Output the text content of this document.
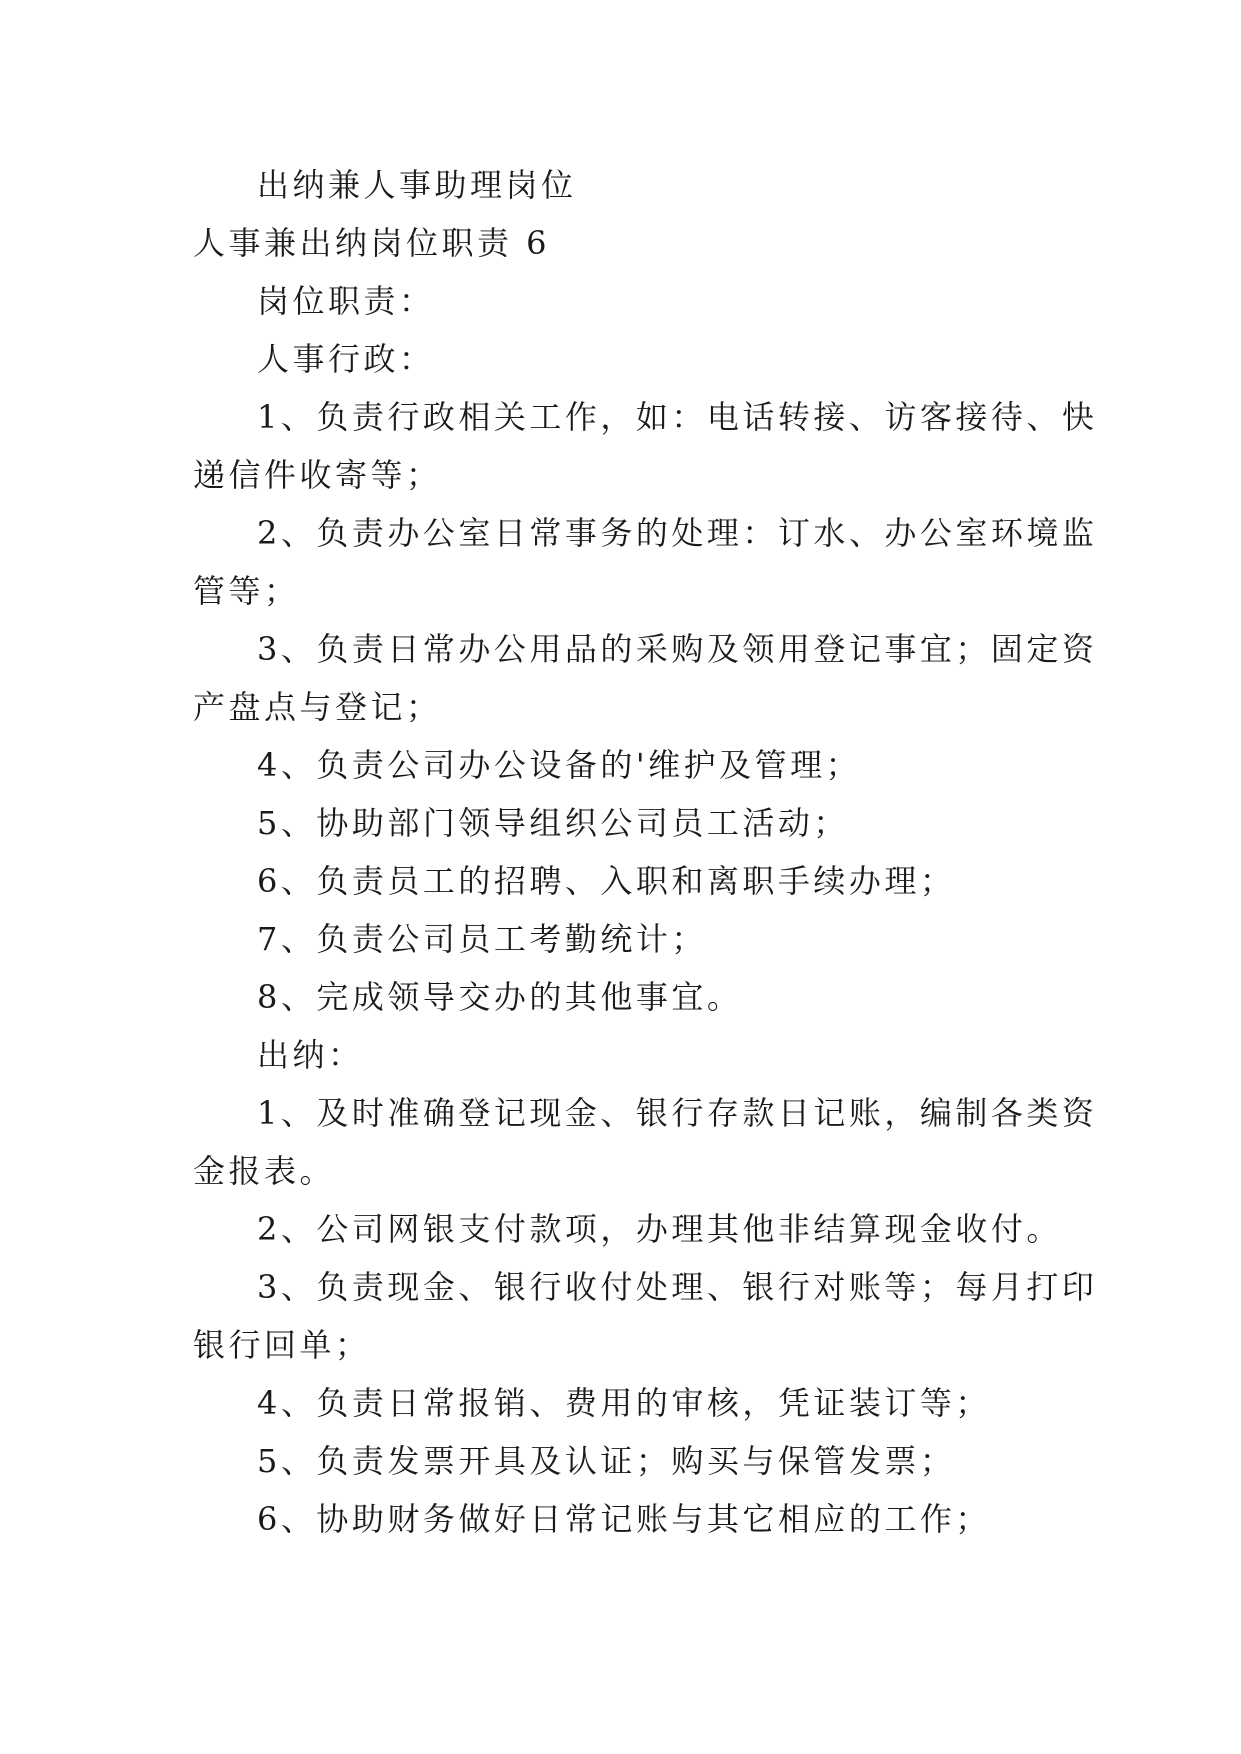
出纳兼人事助理岗位

人事兼出纳岗位职责 6

岗位职责：

人事行政：

1、负责行政相关工作，如：电话转接、访客接待、快

递信件收寄等；

2、负责办公室日常事务的处理：订水、办公室环境监

管等；

3、负责日常办公用品的采购及领用登记事宜；固定资

产盘点与登记；

4、负责公司办公设备的'维护及管理；

5、协助部门领导组织公司员工活动；

6、负责员工的招聘、入职和离职手续办理；

7、负责公司员工考勤统计；

8、完成领导交办的其他事宜。

出纳：

1、及时准确登记现金、银行存款日记账，编制各类资

金报表。

2、公司网银支付款项，办理其他非结算现金收付。

3、负责现金、银行收付处理、银行对账等；每月打印

银行回单；

4、负责日常报销、费用的审核，凭证装订等；

5、负责发票开具及认证；购买与保管发票；

6、协助财务做好日常记账与其它相应的工作；
